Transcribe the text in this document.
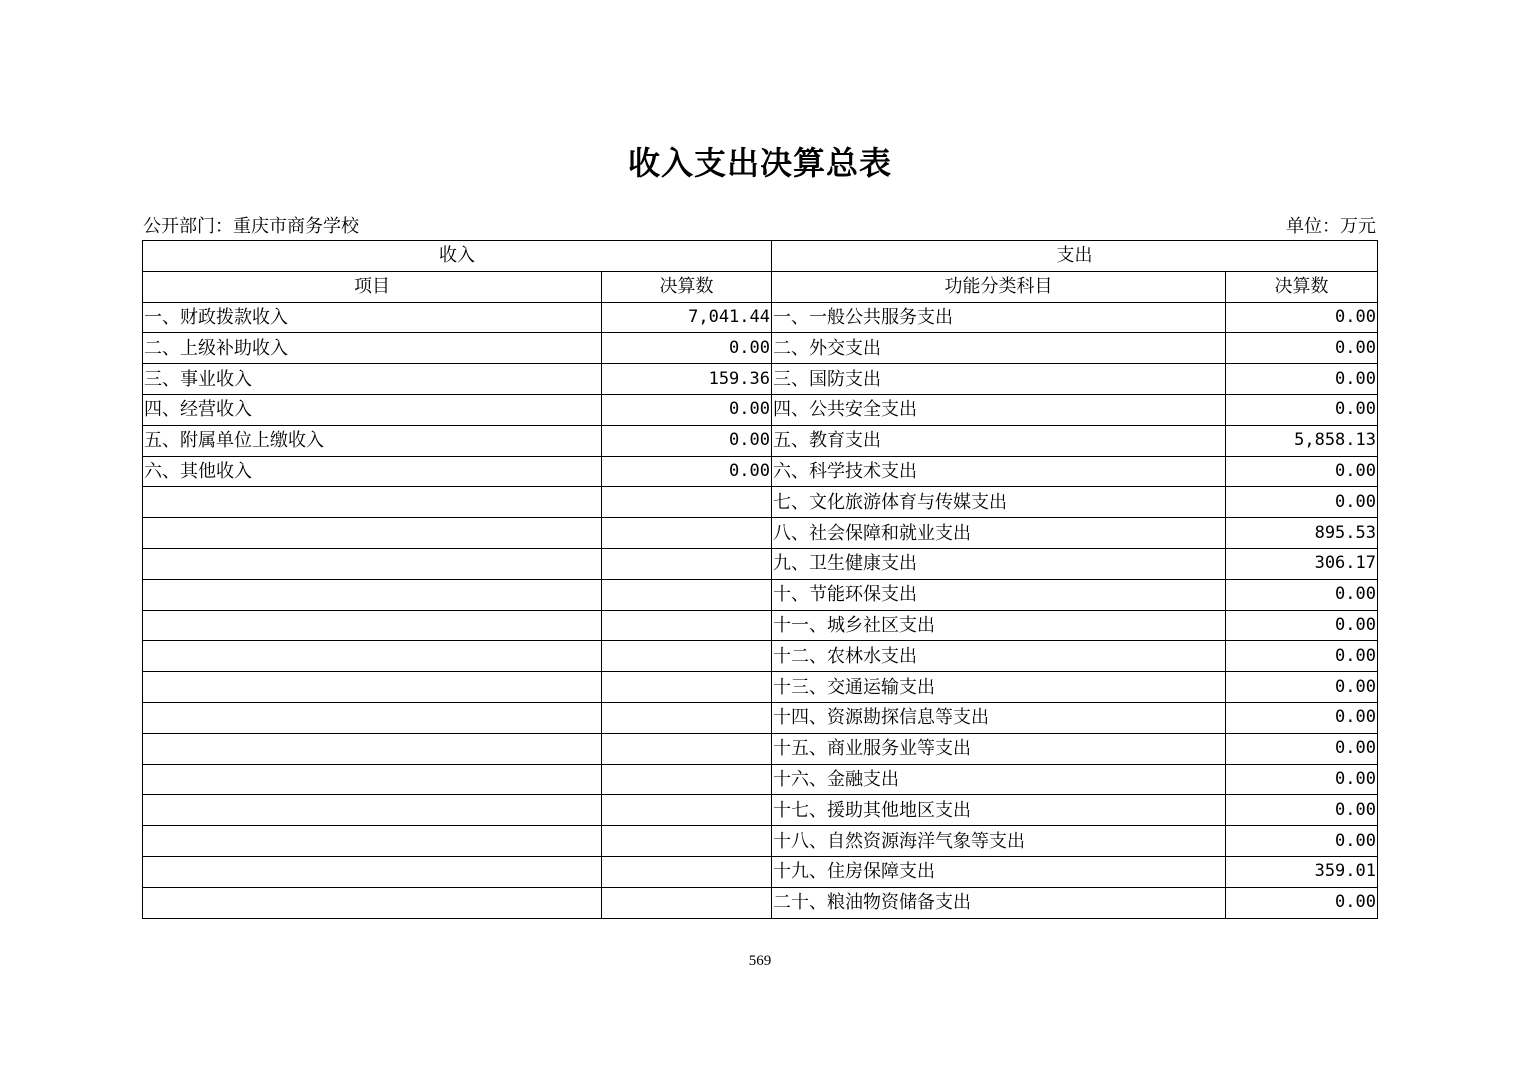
收入支出决算总表
公开部门：重庆市商务学校	单位：万元
收入		支出	
项目	决算数	功能分类科目	决算数
一、财政拨款收入	7,041.44	一、一般公共服务支出	0.00
二、上级补助收入	0.00	二、外交支出	0.00
三、事业收入	159.36	三、国防支出	0.00
四、经营收入	0.00	四、公共安全支出	0.00
五、附属单位上缴收入	0.00	五、教育支出	5,858.13
六、其他收入	0.00	六、科学技术支出	0.00
		七、文化旅游体育与传媒支出	0.00
		八、社会保障和就业支出	895.53
		九、卫生健康支出	306.17
		十、节能环保支出	0.00
		十一、城乡社区支出	0.00
		十二、农林水支出	0.00
		十三、交通运输支出	0.00
		十四、资源勘探信息等支出	0.00
		十五、商业服务业等支出	0.00
		十六、金融支出	0.00
		十七、援助其他地区支出	0.00
		十八、自然资源海洋气象等支出	0.00
		十九、住房保障支出	359.01
		二十、粮油物资储备支出	0.00
569
